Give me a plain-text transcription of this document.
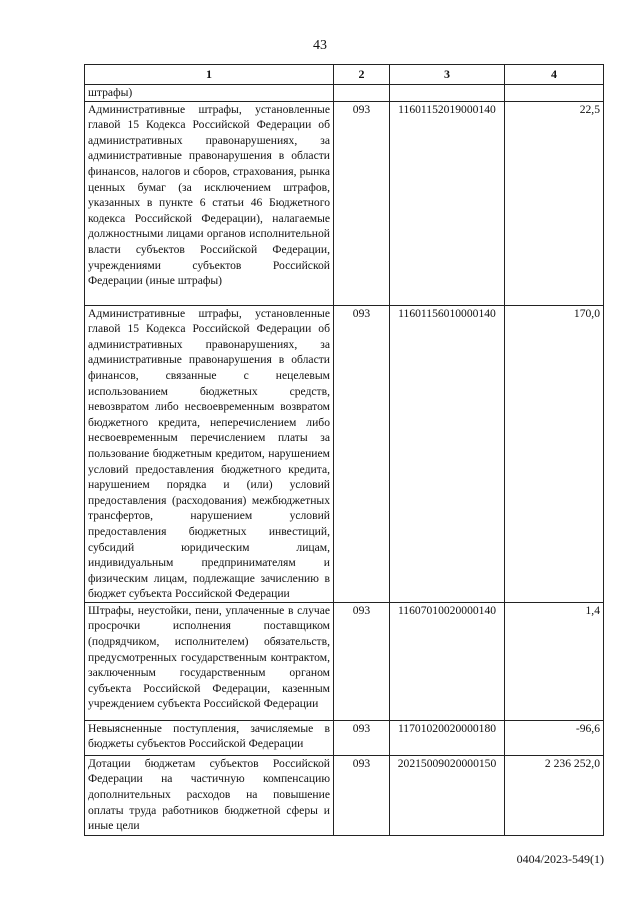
43
1	2	3	4
штрафы)			
Административные штрафы, установленные главой 15 Кодекса Российской Федерации об административных правонарушениях, за административные правонарушения в области финансов, налогов и сборов, страхования, рынка ценных бумаг (за исключением штрафов, указанных в пункте 6 статьи 46 Бюджетного кодекса Российской Федерации), налагаемые должностными лицами органов исполнительной власти субъектов Российской Федерации, учреждениями субъектов Российской Федерации (иные штрафы)	093	11601152019000140	22,5
Административные штрафы, установленные главой 15 Кодекса Российской Федерации об административных правонарушениях, за административные правонарушения в области финансов, связанные с нецелевым использованием бюджетных средств, невозвратом либо несвоевременным возвратом бюджетного кредита, неперечислением либо несвоевременным перечислением платы за пользование бюджетным кредитом, нарушением условий предоставления бюджетного кредита, нарушением порядка и (или) условий предоставления (расходования) межбюджетных трансфертов, нарушением условий предоставления бюджетных инвестиций, субсидий юридическим лицам, индивидуальным предпринимателям и физическим лицам, подлежащие зачислению в бюджет субъекта Российской Федерации	093	11601156010000140	170,0
Штрафы, неустойки, пени, уплаченные в случае просрочки исполнения поставщиком (подрядчиком, исполнителем) обязательств, предусмотренных государственным контрактом, заключенным государственным органом субъекта Российской Федерации, казенным учреждением субъекта Российской Федерации	093	11607010020000140	1,4
Невыясненные поступления, зачисляемые в бюджеты субъектов Российской Федерации	093	11701020020000180	-96,6
Дотации бюджетам субъектов Российской Федерации на частичную компенсацию дополнительных расходов на повышение оплаты труда работников бюджетной сферы и иные цели	093	20215009020000150	2 236 252,0
0404/2023-549(1)
